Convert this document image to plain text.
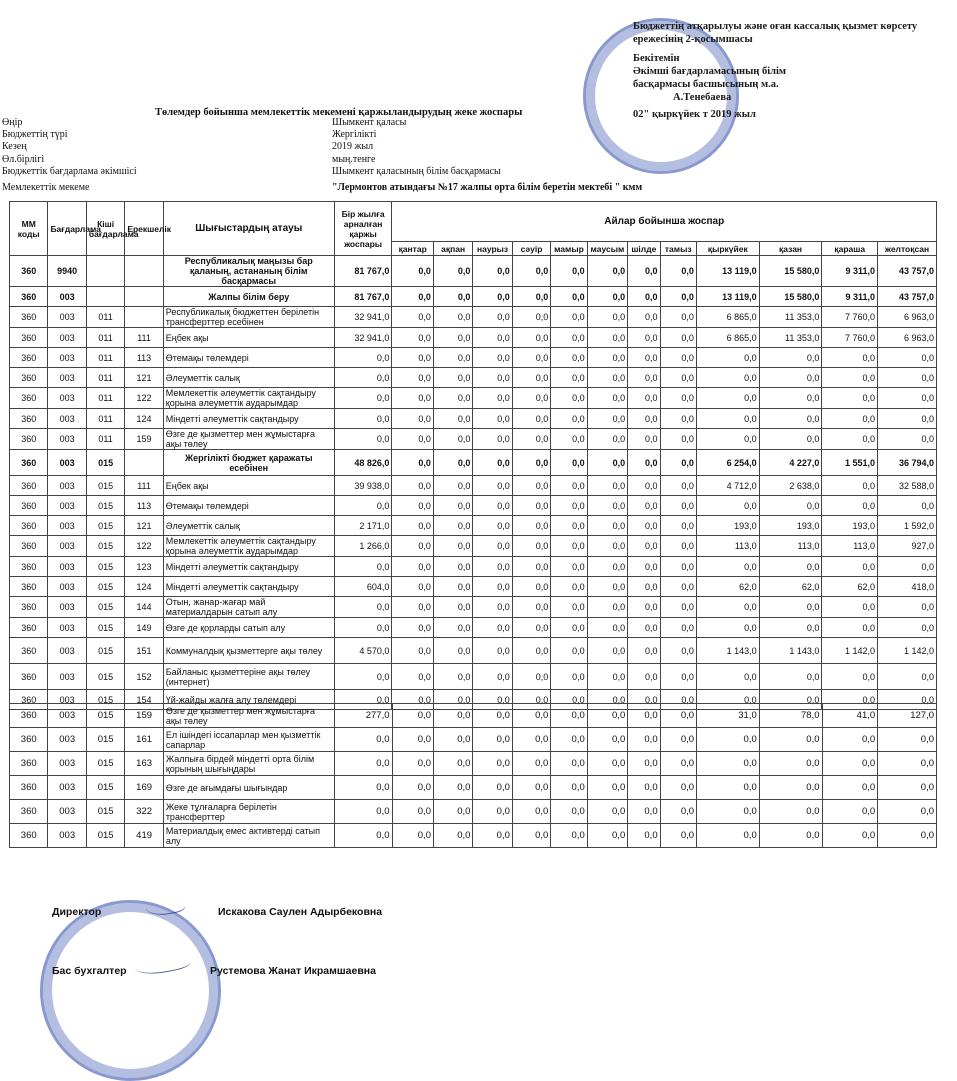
Бюджеттің атқарылуы және оған кассалық қызмет көрсету
ережесінің 2-қосымшасы
Бекітемін
Әкімші бағдарламасының білім
басқармасы басшысының м.а.
А.Тенебаева
02" қыркүйек т 2019 жыл
Төлемдер бойынша мемлекеттік мекемені қаржыландырудың жеке жоспары
Өңір	Шымкент қаласы
Бюджеттің түрі	Жергілікті
Кезең	2019 жыл
Өл.бірлігі	мың.тенге
Бюджеттік бағдарлама әкімшісі	Шымкент қаласының білім басқармасы
Мемлекеттік мекеме	"Лермонтов атындағы №17 жалпы орта білім беретін мектебі " кмм
ММ коды	Бағдарлама	Кіші бағдарлама	Ерекшелік	Шығыстардың атауы	Бір жылға арналған қаржы жоспары	Айлар бойынша жоспар											
						қантар	ақпан	наурыз	сәуір	мамыр	маусым	шілде	тамыз	қыркүйек	қазан	қараша	желтоқсан
360	9940			Республикалық маңызы бар қаланың, астананың білім басқармасы	81 767,0	0,0	0,0	0,0	0,0	0,0	0,0	0,0	0,0	13 119,0	15 580,0	9 311,0	43 757,0
360	003			Жалпы білім беру	81 767,0	0,0	0,0	0,0	0,0	0,0	0,0	0,0	0,0	13 119,0	15 580,0	9 311,0	43 757,0
360	003	011		Республикалық бюджеттен берілетін трансферттер есебінен	32 941,0	0,0	0,0	0,0	0,0	0,0	0,0	0,0	0,0	6 865,0	11 353,0	7 760,0	6 963,0
360	003	011	111	Еңбек ақы	32 941,0	0,0	0,0	0,0	0,0	0,0	0,0	0,0	0,0	6 865,0	11 353,0	7 760,0	6 963,0
360	003	011	113	Өтемақы төлемдері	0,0	0,0	0,0	0,0	0,0	0,0	0,0	0,0	0,0	0,0	0,0	0,0	0,0
360	003	011	121	Әлеуметтік салық	0,0	0,0	0,0	0,0	0,0	0,0	0,0	0,0	0,0	0,0	0,0	0,0	0,0
360	003	011	122	Мемлекеттік әлеуметтік сақтандыру қорына әлеуметтік аударымдар	0,0	0,0	0,0	0,0	0,0	0,0	0,0	0,0	0,0	0,0	0,0	0,0	0,0
360	003	011	124	Міндетті әлеуметтік сақтандыру	0,0	0,0	0,0	0,0	0,0	0,0	0,0	0,0	0,0	0,0	0,0	0,0	0,0
360	003	011	159	Өзге де қызметтер мен жұмыстарға ақы төлеу	0,0	0,0	0,0	0,0	0,0	0,0	0,0	0,0	0,0	0,0	0,0	0,0	0,0
360	003	015		Жергілікті бюджет қаражаты есебінен	48 826,0	0,0	0,0	0,0	0,0	0,0	0,0	0,0	0,0	6 254,0	4 227,0	1 551,0	36 794,0
360	003	015	111	Еңбек ақы	39 938,0	0,0	0,0	0,0	0,0	0,0	0,0	0,0	0,0	4 712,0	2 638,0	0,0	32 588,0
360	003	015	113	Өтемақы төлемдері	0,0	0,0	0,0	0,0	0,0	0,0	0,0	0,0	0,0	0,0	0,0	0,0	0,0
360	003	015	121	Әлеуметтік салық	2 171,0	0,0	0,0	0,0	0,0	0,0	0,0	0,0	0,0	193,0	193,0	193,0	1 592,0
360	003	015	122	Мемлекеттік әлеуметтік сақтандыру қорына әлеуметтік аударымдар	1 266,0	0,0	0,0	0,0	0,0	0,0	0,0	0,0	0,0	113,0	113,0	113,0	927,0
360	003	015	123	Міндетті әлеуметтік сақтандыру	0,0	0,0	0,0	0,0	0,0	0,0	0,0	0,0	0,0	0,0	0,0	0,0	0,0
360	003	015	124	Міндетті әлеуметтік сақтандыру	604,0	0,0	0,0	0,0	0,0	0,0	0,0	0,0	0,0	62,0	62,0	62,0	418,0
360	003	015	144	Отын, жанар-жағар май материалдарын сатып алу	0,0	0,0	0,0	0,0	0,0	0,0	0,0	0,0	0,0	0,0	0,0	0,0	0,0
360	003	015	149	Өзге де қорларды сатып алу	0,0	0,0	0,0	0,0	0,0	0,0	0,0	0,0	0,0	0,0	0,0	0,0	0,0
360	003	015	151	Коммуналдық қызметтерге ақы төлеу	4 570,0	0,0	0,0	0,0	0,0	0,0	0,0	0,0	0,0	1 143,0	1 143,0	1 142,0	1 142,0
360	003	015	152	Байланыс қызметтеріне ақы төлеу (интернет)	0,0	0,0	0,0	0,0	0,0	0,0	0,0	0,0	0,0	0,0	0,0	0,0	0,0
360	003	015	154	Үй-жайды жалға алу төлемдері	0,0	0,0	0,0	0,0	0,0	0,0	0,0	0,0	0,0	0,0	0,0	0,0	0,0
360	003	015	159	Өзге де қызметтер мен жұмыстарға ақы төлеу	277,0	0,0	0,0	0,0	0,0	0,0	0,0	0,0	0,0	31,0	78,0	41,0	127,0
360	003	015	161	Ел ішіндегі іссапарлар мен қызметтік сапарлар	0,0	0,0	0,0	0,0	0,0	0,0	0,0	0,0	0,0	0,0	0,0	0,0	0,0
360	003	015	163	Жалпыға бірдей міндетті орта білім қорының шығыңдары	0,0	0,0	0,0	0,0	0,0	0,0	0,0	0,0	0,0	0,0	0,0	0,0	0,0
360	003	015	169	Өзге де ағымдағы шығындар	0,0	0,0	0,0	0,0	0,0	0,0	0,0	0,0	0,0	0,0	0,0	0,0	0,0
360	003	015	322	Жеке тұлғаларға берілетін трансферттер	0,0	0,0	0,0	0,0	0,0	0,0	0,0	0,0	0,0	0,0	0,0	0,0	0,0
360	003	015	419	Материалдық емес активтерді сатып алу	0,0	0,0	0,0	0,0	0,0	0,0	0,0	0,0	0,0	0,0	0,0	0,0	0,0
Директор	Искакова Саулен Адырбековна
Бас бухгалтер	Рустемова Жанат Икрамшаевна
